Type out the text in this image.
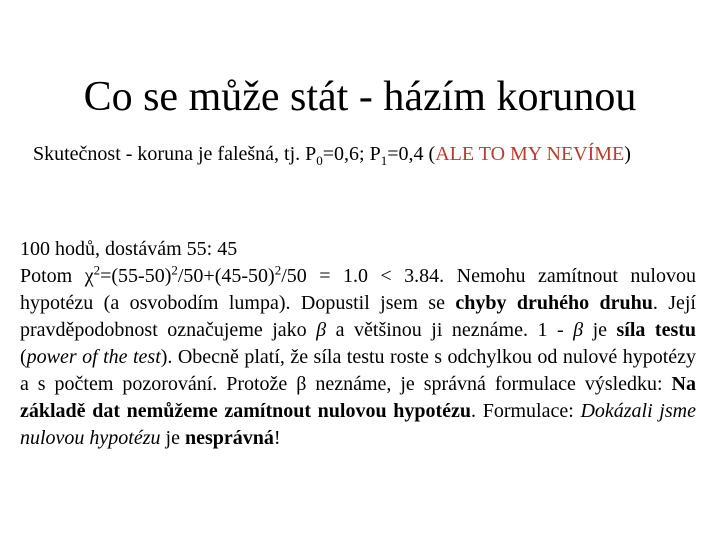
Co se může stát - házím korunou
Skutečnost - koruna je falešná, tj. $P_0=0,6$; $P_1=0,4$ (ALE TO MY NEVÍME)

100 hodů, dostávám 55: 45

Potom $\chi^2=(55-50)^2/50+(45-50)^2/50 = 1.0 < 3.84$. Nemohu zamítnout nulovou hypotézu (a osvobodím lumpa). Dopustil jsem se chyby druhého druhu. Její pravděpodobnost označujeme jako β a většinou ji neznáme. 1 - β je síla testu (power of the test). Obecně platí, že síla testu roste s odchylkou od nulové hypotézy a s počtem pozorování. Protože β neznáme, je správná formulace výsledku: Na základě dat nemůžeme zamítnout nulovou hypotézu. Formulace: Dokázali jsme nulovou hypotézu je nesprávná!
